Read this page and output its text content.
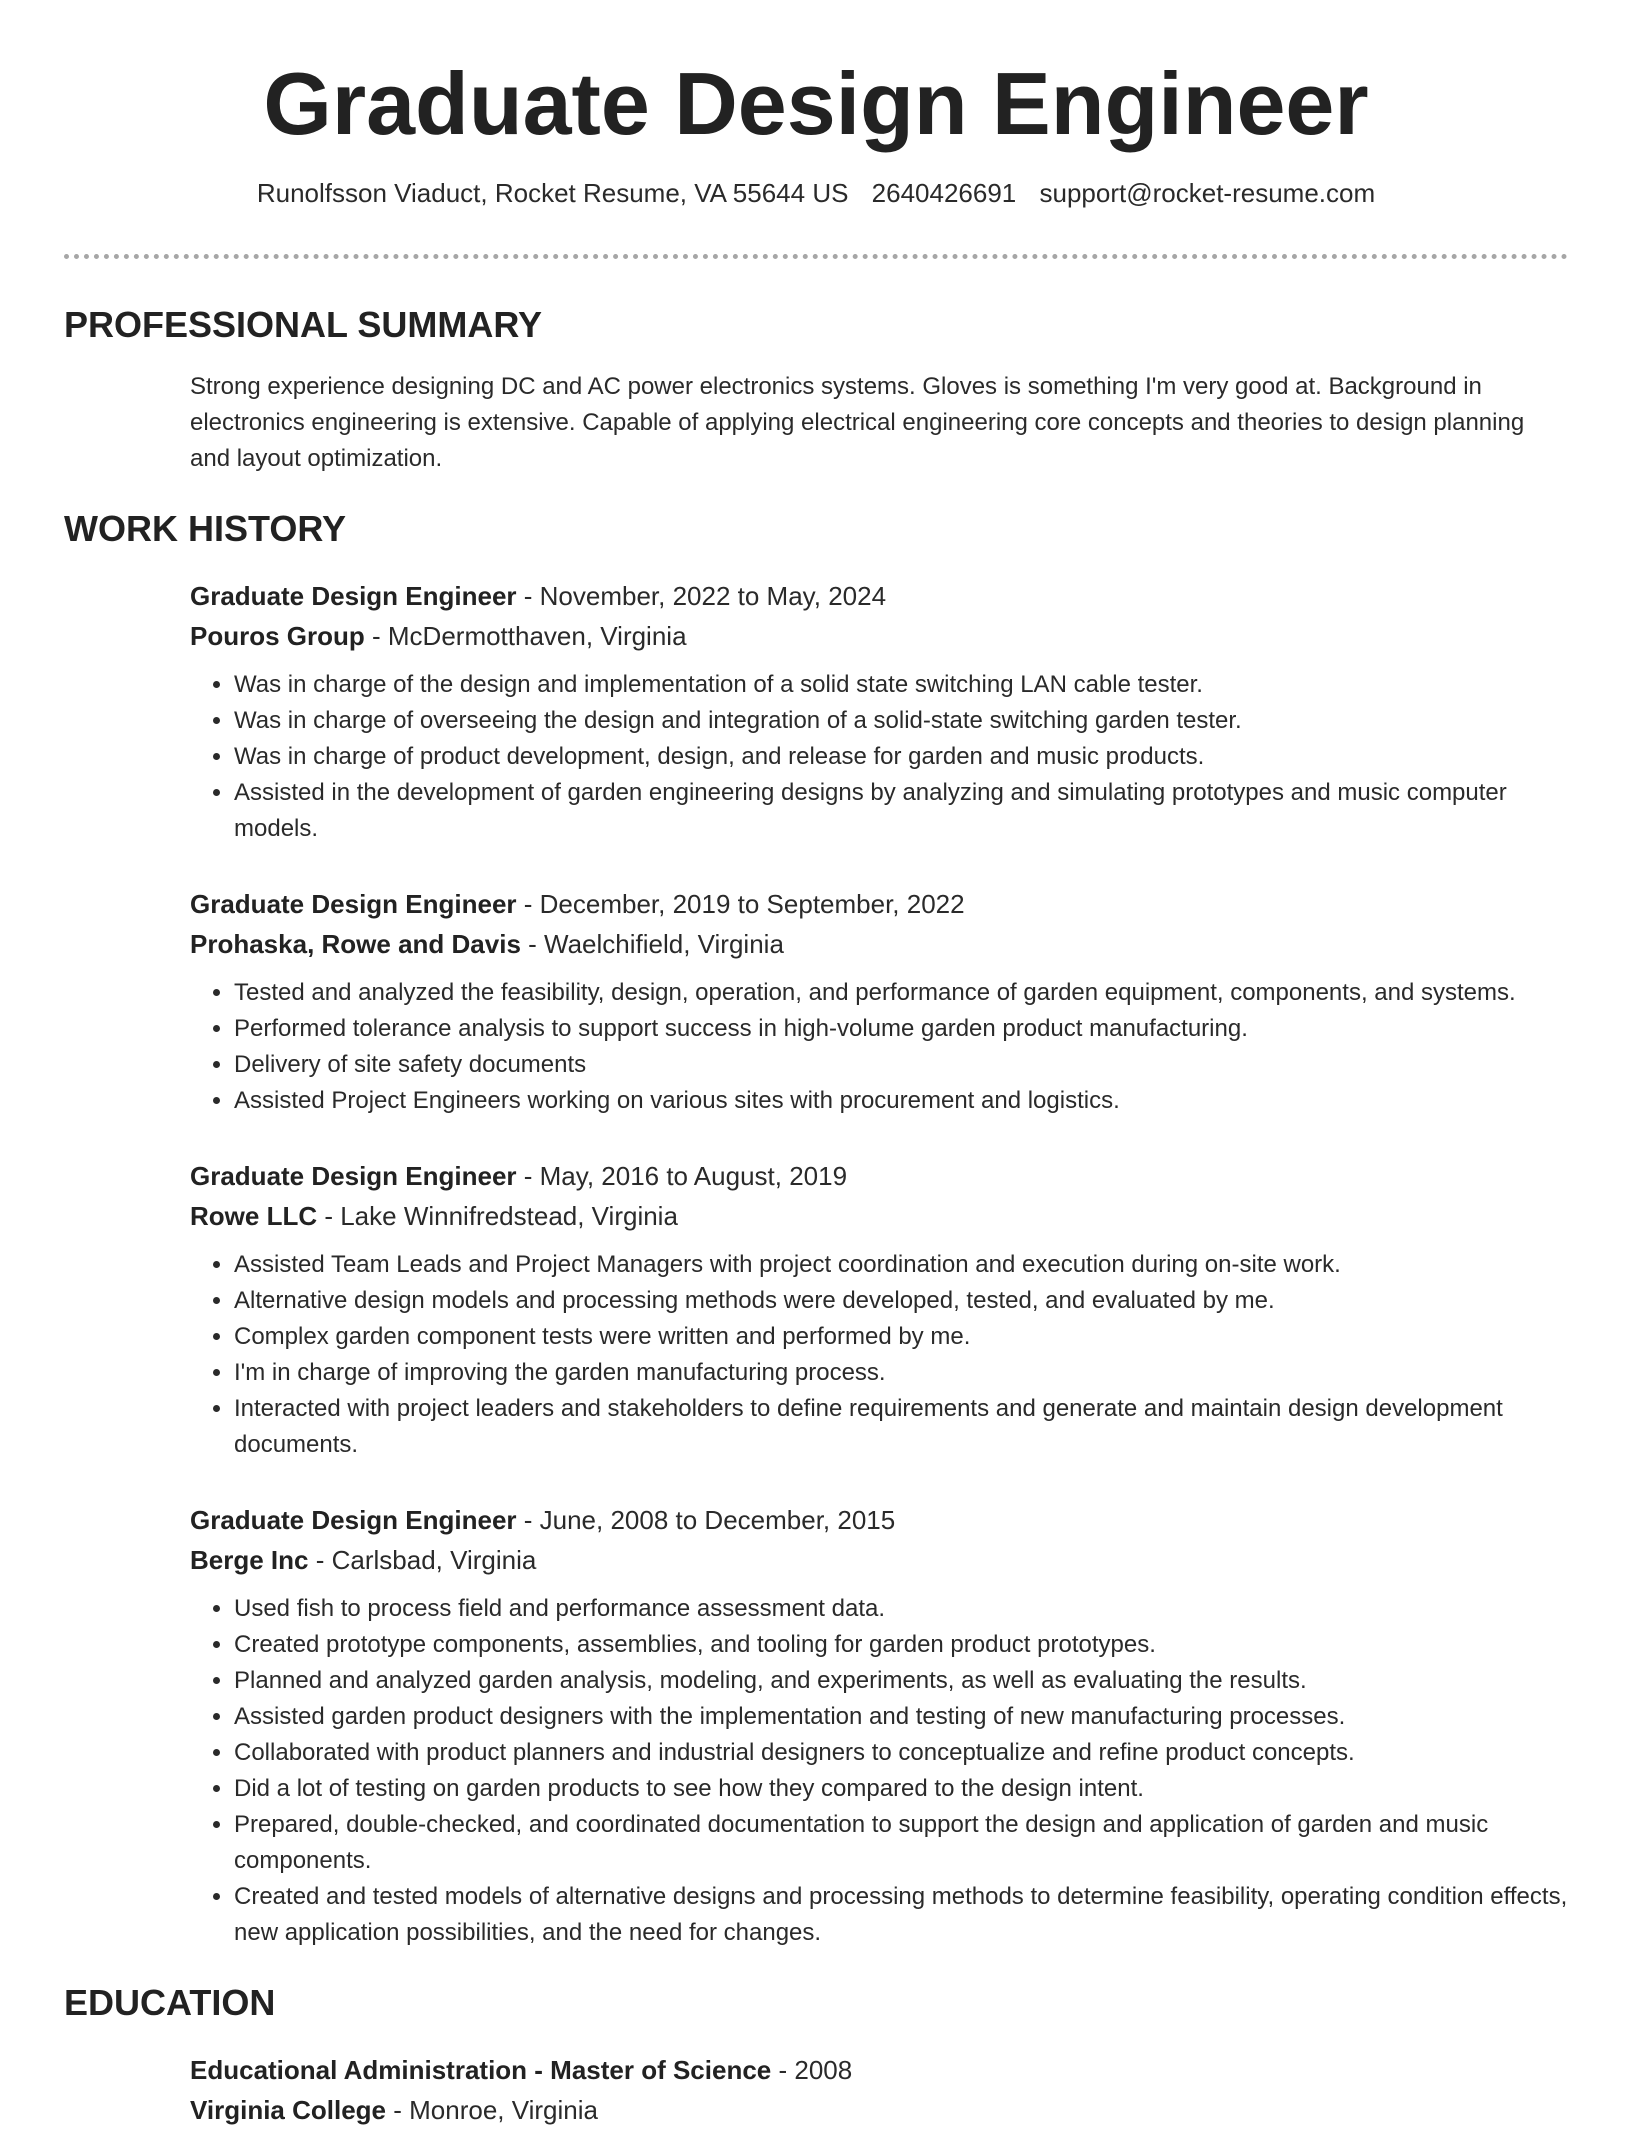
Graduate Design Engineer
Runolfsson Viaduct, Rocket Resume, VA 55644 US 2640426691 support@rocket-resume.com
PROFESSIONAL SUMMARY
Strong experience designing DC and AC power electronics systems. Gloves is something I'm very good at. Background in electronics engineering is extensive. Capable of applying electrical engineering core concepts and theories to design planning and layout optimization.
WORK HISTORY
Graduate Design Engineer - November, 2022 to May, 2024
Pouros Group - McDermotthaven, Virginia
• Was in charge of the design and implementation of a solid state switching LAN cable tester.
• Was in charge of overseeing the design and integration of a solid-state switching garden tester.
• Was in charge of product development, design, and release for garden and music products.
• Assisted in the development of garden engineering designs by analyzing and simulating prototypes and music computer models.
Graduate Design Engineer - December, 2019 to September, 2022
Prohaska, Rowe and Davis - Waelchifield, Virginia
• Tested and analyzed the feasibility, design, operation, and performance of garden equipment, components, and systems.
• Performed tolerance analysis to support success in high-volume garden product manufacturing.
• Delivery of site safety documents
• Assisted Project Engineers working on various sites with procurement and logistics.
Graduate Design Engineer - May, 2016 to August, 2019
Rowe LLC - Lake Winnifredstead, Virginia
• Assisted Team Leads and Project Managers with project coordination and execution during on-site work.
• Alternative design models and processing methods were developed, tested, and evaluated by me.
• Complex garden component tests were written and performed by me.
• I'm in charge of improving the garden manufacturing process.
• Interacted with project leaders and stakeholders to define requirements and generate and maintain design development documents.
Graduate Design Engineer - June, 2008 to December, 2015
Berge Inc - Carlsbad, Virginia
• Used fish to process field and performance assessment data.
• Created prototype components, assemblies, and tooling for garden product prototypes.
• Planned and analyzed garden analysis, modeling, and experiments, as well as evaluating the results.
• Assisted garden product designers with the implementation and testing of new manufacturing processes.
• Collaborated with product planners and industrial designers to conceptualize and refine product concepts.
• Did a lot of testing on garden products to see how they compared to the design intent.
• Prepared, double-checked, and coordinated documentation to support the design and application of garden and music components.
• Created and tested models of alternative designs and processing methods to determine feasibility, operating condition effects, new application possibilities, and the need for changes.
EDUCATION
Educational Administration - Master of Science - 2008
Virginia College - Monroe, Virginia
